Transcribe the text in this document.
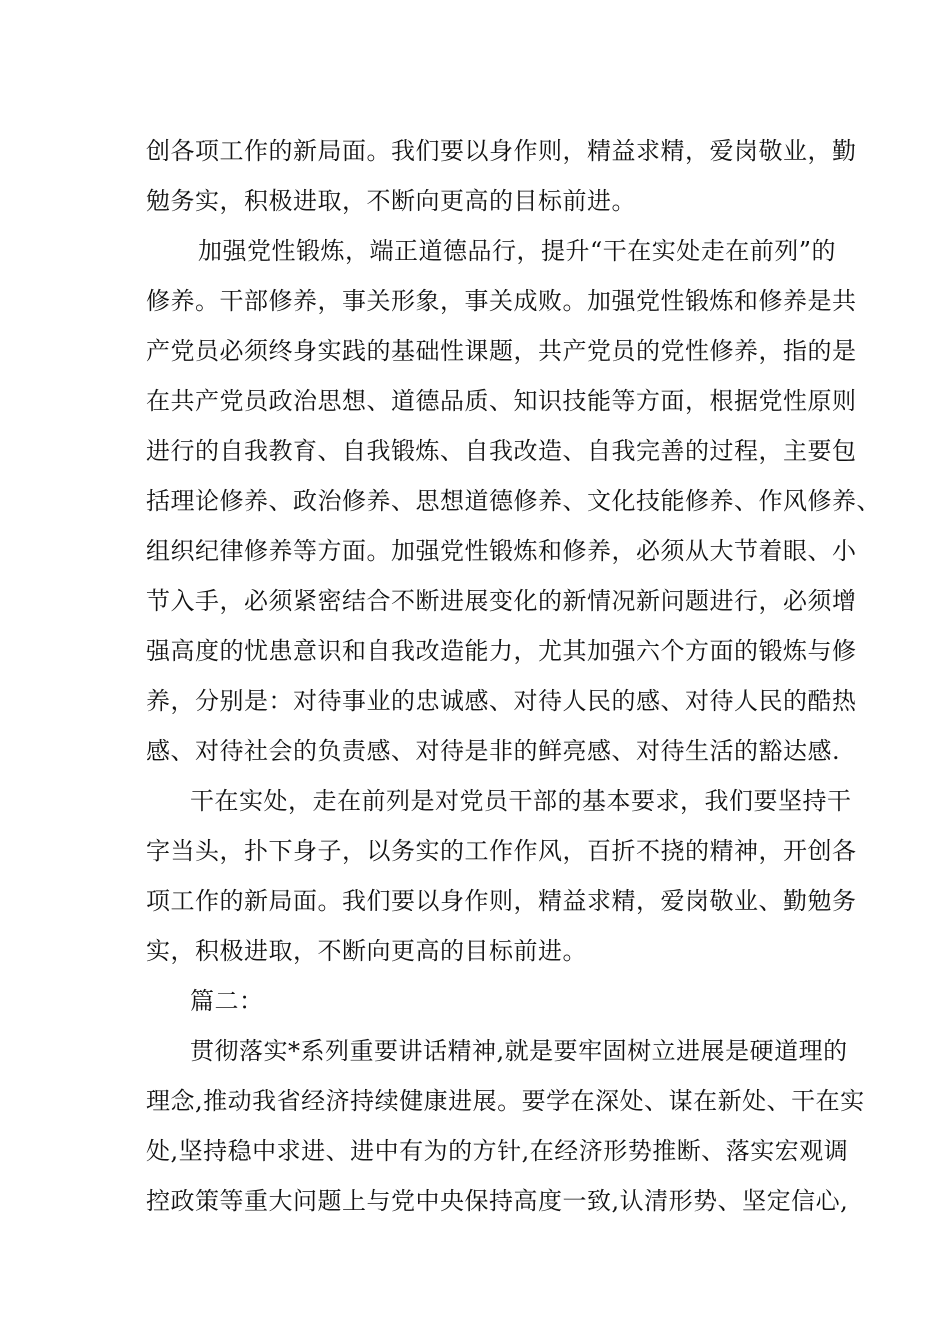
创各项工作的新局面。我们要以身作则，精益求精，爱岗敬业，勤
勉务实，积极进取，不断向更高的目标前进。
加强党性锻炼，端正道德品行，提升“干在实处走在前列”的
修养。干部修养，事关形象，事关成败。加强党性锻炼和修养是共
产党员必须终身实践的基础性课题，共产党员的党性修养，指的是
在共产党员政治思想、道德品质、知识技能等方面，根据党性原则
进行的自我教育、自我锻炼、自我改造、自我完善的过程，主要包
括理论修养、政治修养、思想道德修养、文化技能修养、作风修养、
组织纪律修养等方面。加强党性锻炼和修养，必须从大节着眼、小
节入手，必须紧密结合不断进展变化的新情况新问题进行，必须增
强高度的忧患意识和自我改造能力，尤其加强六个方面的锻炼与修
养，分别是：对待事业的忠诚感、对待人民的感、对待人民的酷热
感、对待社会的负责感、对待是非的鲜亮感、对待生活的豁达感.
干在实处，走在前列是对党员干部的基本要求，我们要坚持干
字当头，扑下身子，以务实的工作作风，百折不挠的精神，开创各
项工作的新局面。我们要以身作则，精益求精，爱岗敬业、勤勉务
实，积极进取，不断向更高的目标前进。
篇二：
贯彻落实*系列重要讲话精神,就是要牢固树立进展是硬道理的
理念,推动我省经济持续健康进展。要学在深处、谋在新处、干在实
处,坚持稳中求进、进中有为的方针,在经济形势推断、落实宏观调
控政策等重大问题上与党中央保持高度一致,认清形势、坚定信心,
